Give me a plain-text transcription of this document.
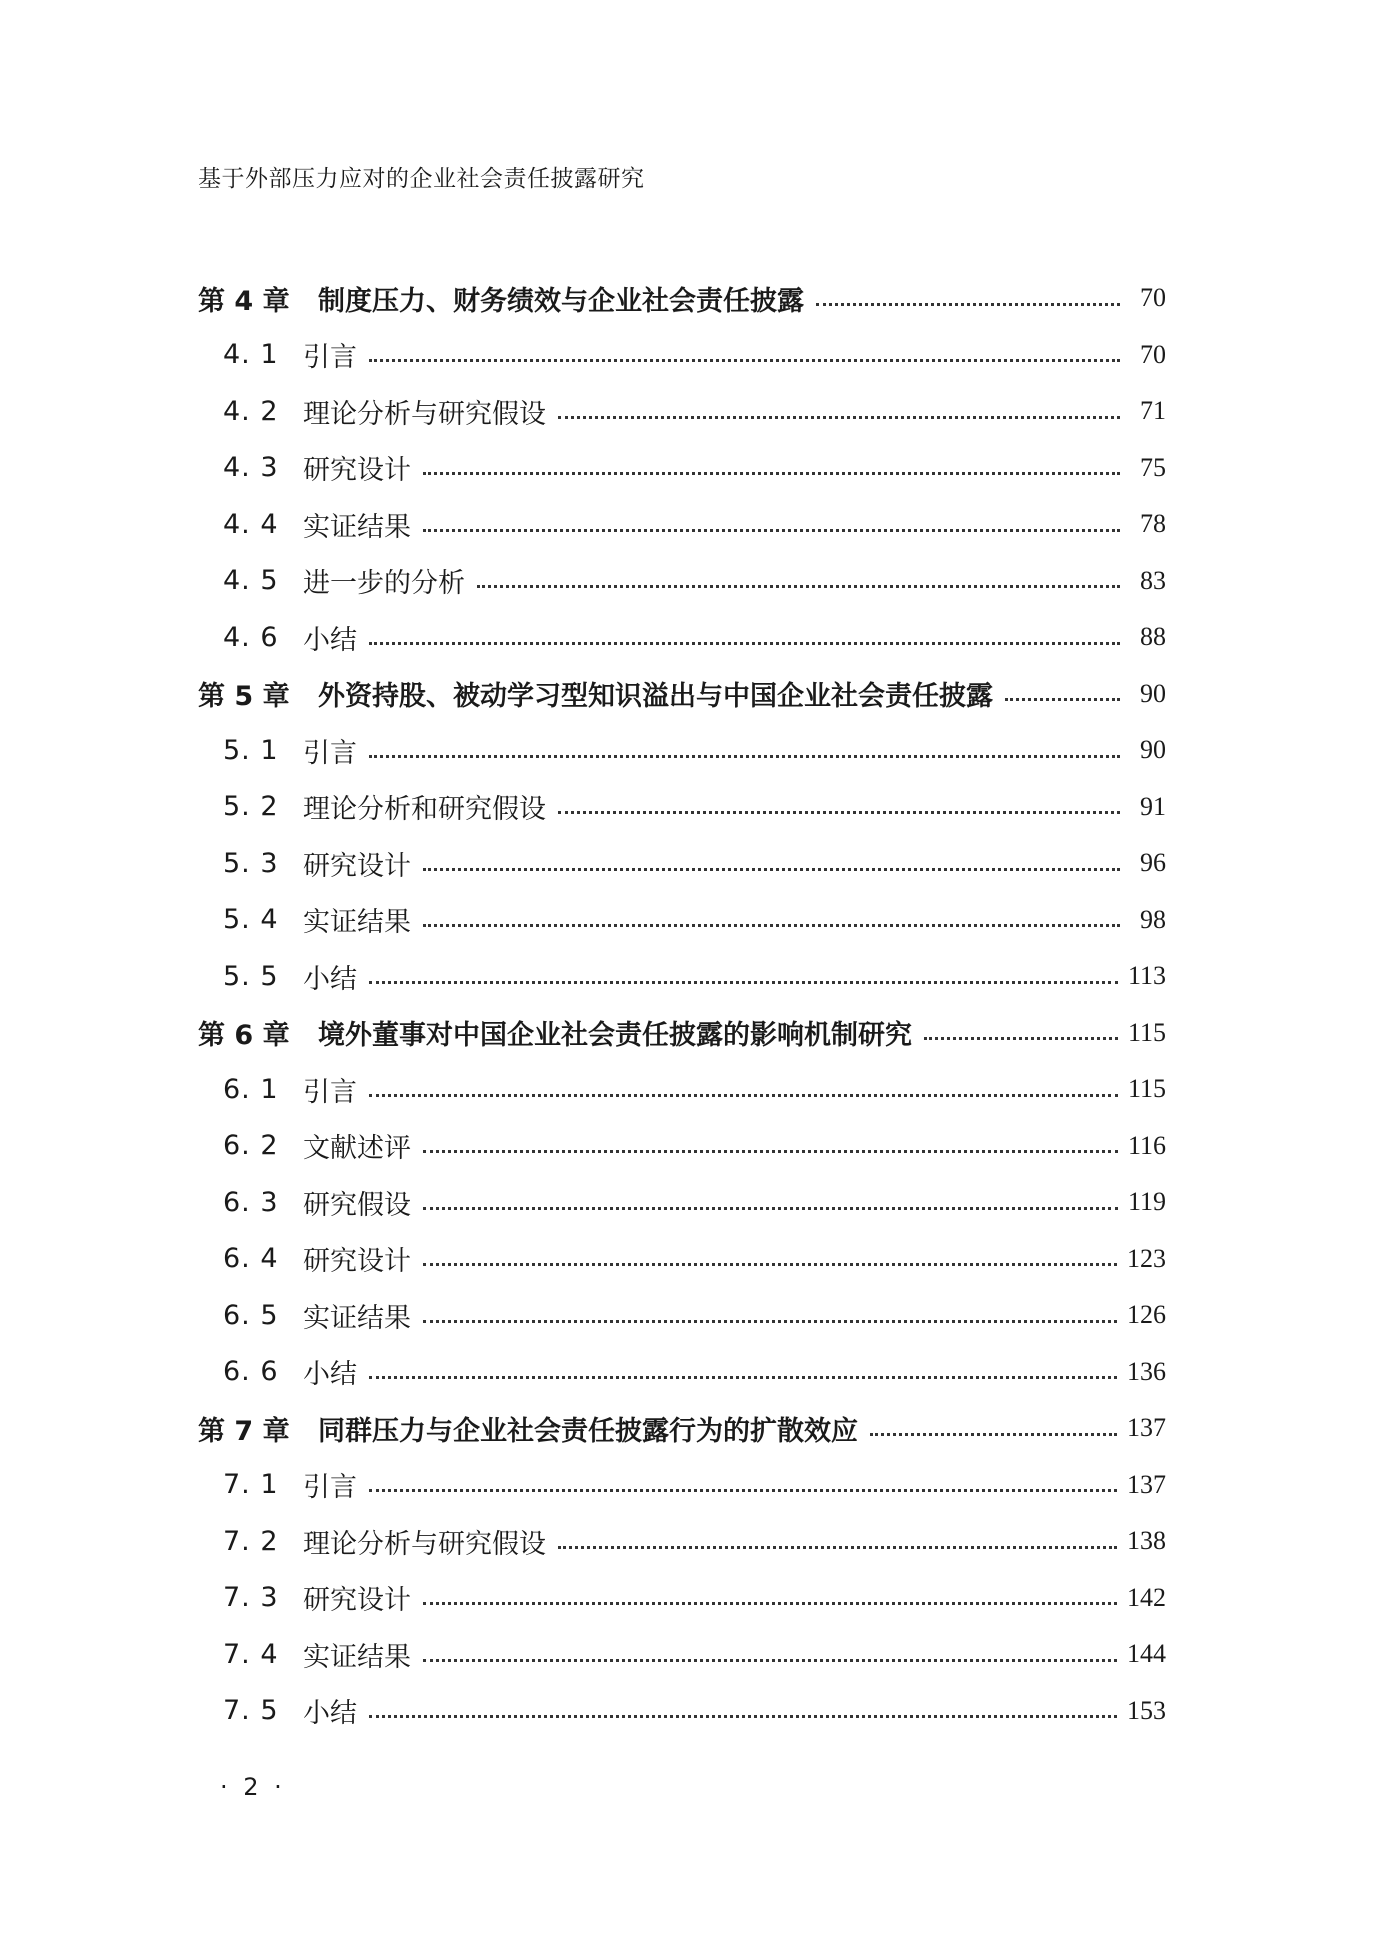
基于外部压力应对的企业社会责任披露研究
第 4 章	制度压力、财务绩效与企业社会责任披露	70
4. 1 引言	70
4. 2 理论分析与研究假设	71
4. 3 研究设计	75
4. 4 实证结果	78
4. 5 进一步的分析	83
4. 6 小结	88
第 5 章	外资持股、被动学习型知识溢出与中国企业社会责任披露	90
5. 1 引言	90
5. 2 理论分析和研究假设	91
5. 3 研究设计	96
5. 4 实证结果	98
5. 5 小结	113
第 6 章	境外董事对中国企业社会责任披露的影响机制研究	115
6. 1 引言	115
6. 2 文献述评	116
6. 3 研究假设	119
6. 4 研究设计	123
6. 5 实证结果	126
6. 6 小结	136
第 7 章	同群压力与企业社会责任披露行为的扩散效应	137
7. 1 引言	137
7. 2 理论分析与研究假设	138
7. 3 研究设计	142
7. 4 实证结果	144
7. 5 小结	153
· 2 ·
